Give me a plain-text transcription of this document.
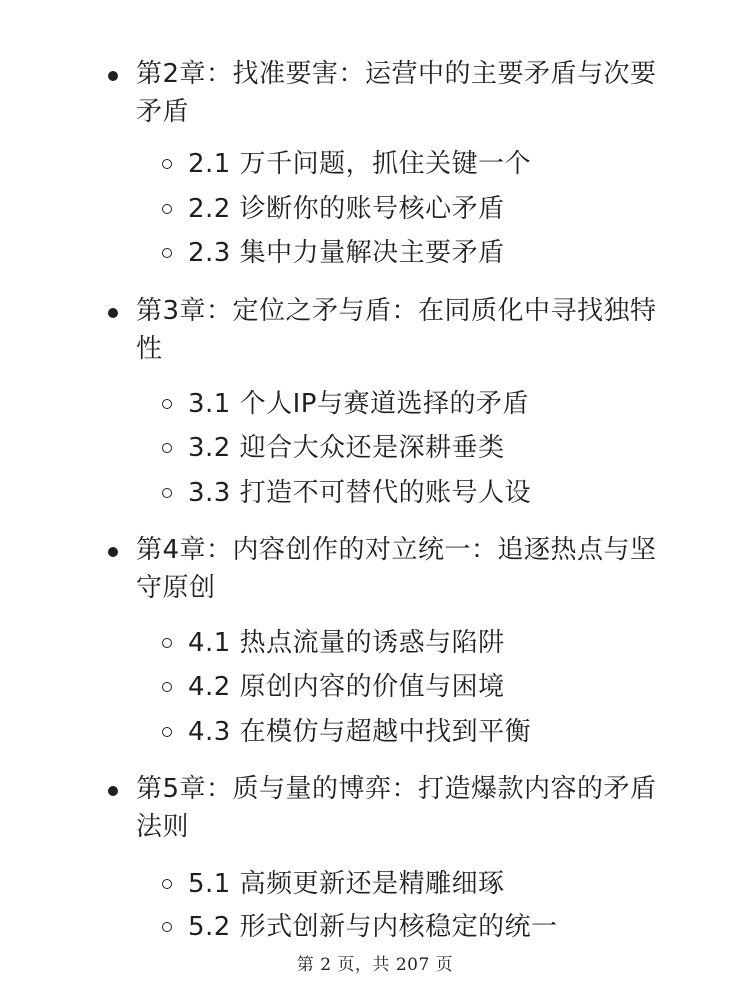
第2章：找准要害：运营中的主要矛盾与次要矛盾
2.1 万千问题，抓住关键一个
2.2 诊断你的账号核心矛盾
2.3 集中力量解决主要矛盾
第3章：定位之矛与盾：在同质化中寻找独特性
3.1 个人IP与赛道选择的矛盾
3.2 迎合大众还是深耕垂类
3.3 打造不可替代的账号人设
第4章：内容创作的对立统一：追逐热点与坚守原创
4.1 热点流量的诱惑与陷阱
4.2 原创内容的价值与困境
4.3 在模仿与超越中找到平衡
第5章：质与量的博弈：打造爆款内容的矛盾法则
5.1 高频更新还是精雕细琢
5.2 形式创新与内核稳定的统一
第 2 页，共 207 页
